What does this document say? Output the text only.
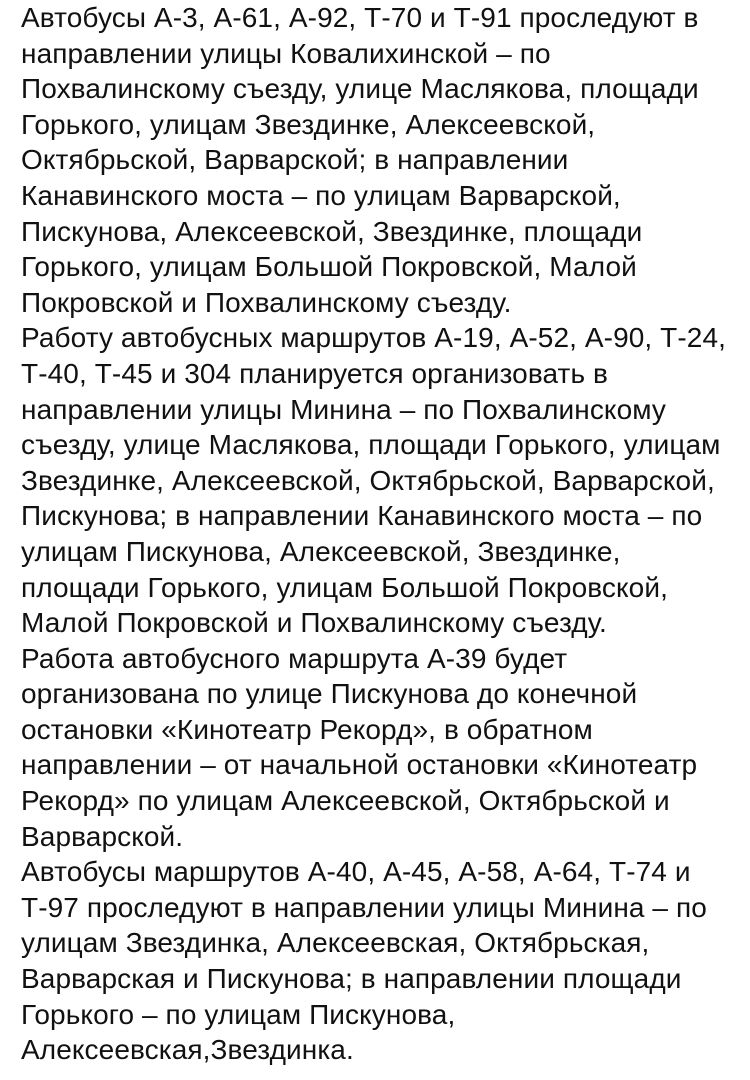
Автобусы А-3, А-61, А-92, Т-70 и Т-91 проследуют в
направлении улицы Ковалихинской – по
Похвалинскому съезду, улице Маслякова, площади
Горького, улицам Звездинке, Алексеевской,
Октябрьской, Варварской; в направлении
Канавинского моста – по улицам Варварской,
Пискунова, Алексеевской, Звездинке, площади
Горького, улицам Большой Покровской, Малой
Покровской и Похвалинскому съезду.
Работу автобусных маршрутов А-19, А-52, А-90, Т-24,
Т-40, Т-45 и 304 планируется организовать в
направлении улицы Минина – по Похвалинскому
съезду, улице Маслякова, площади Горького, улицам
Звездинке, Алексеевской, Октябрьской, Варварской,
Пискунова; в направлении Канавинского моста – по
улицам Пискунова, Алексеевской, Звездинке,
площади Горького, улицам Большой Покровской,
Малой Покровской и Похвалинскому съезду.
Работа автобусного маршрута А-39 будет
организована по улице Пискунова до конечной
остановки «Кинотеатр Рекорд», в обратном
направлении – от начальной остановки «Кинотеатр
Рекорд» по улицам Алексеевской, Октябрьской и
Варварской.
Автобусы маршрутов А-40, А-45, А-58, А-64, Т-74 и
Т-97 проследуют в направлении улицы Минина – по
улицам Звездинка, Алексеевская, Октябрьская,
Варварская и Пискунова; в направлении площади
Горького – по улицам Пискунова,
Алексеевская,Звездинка.
